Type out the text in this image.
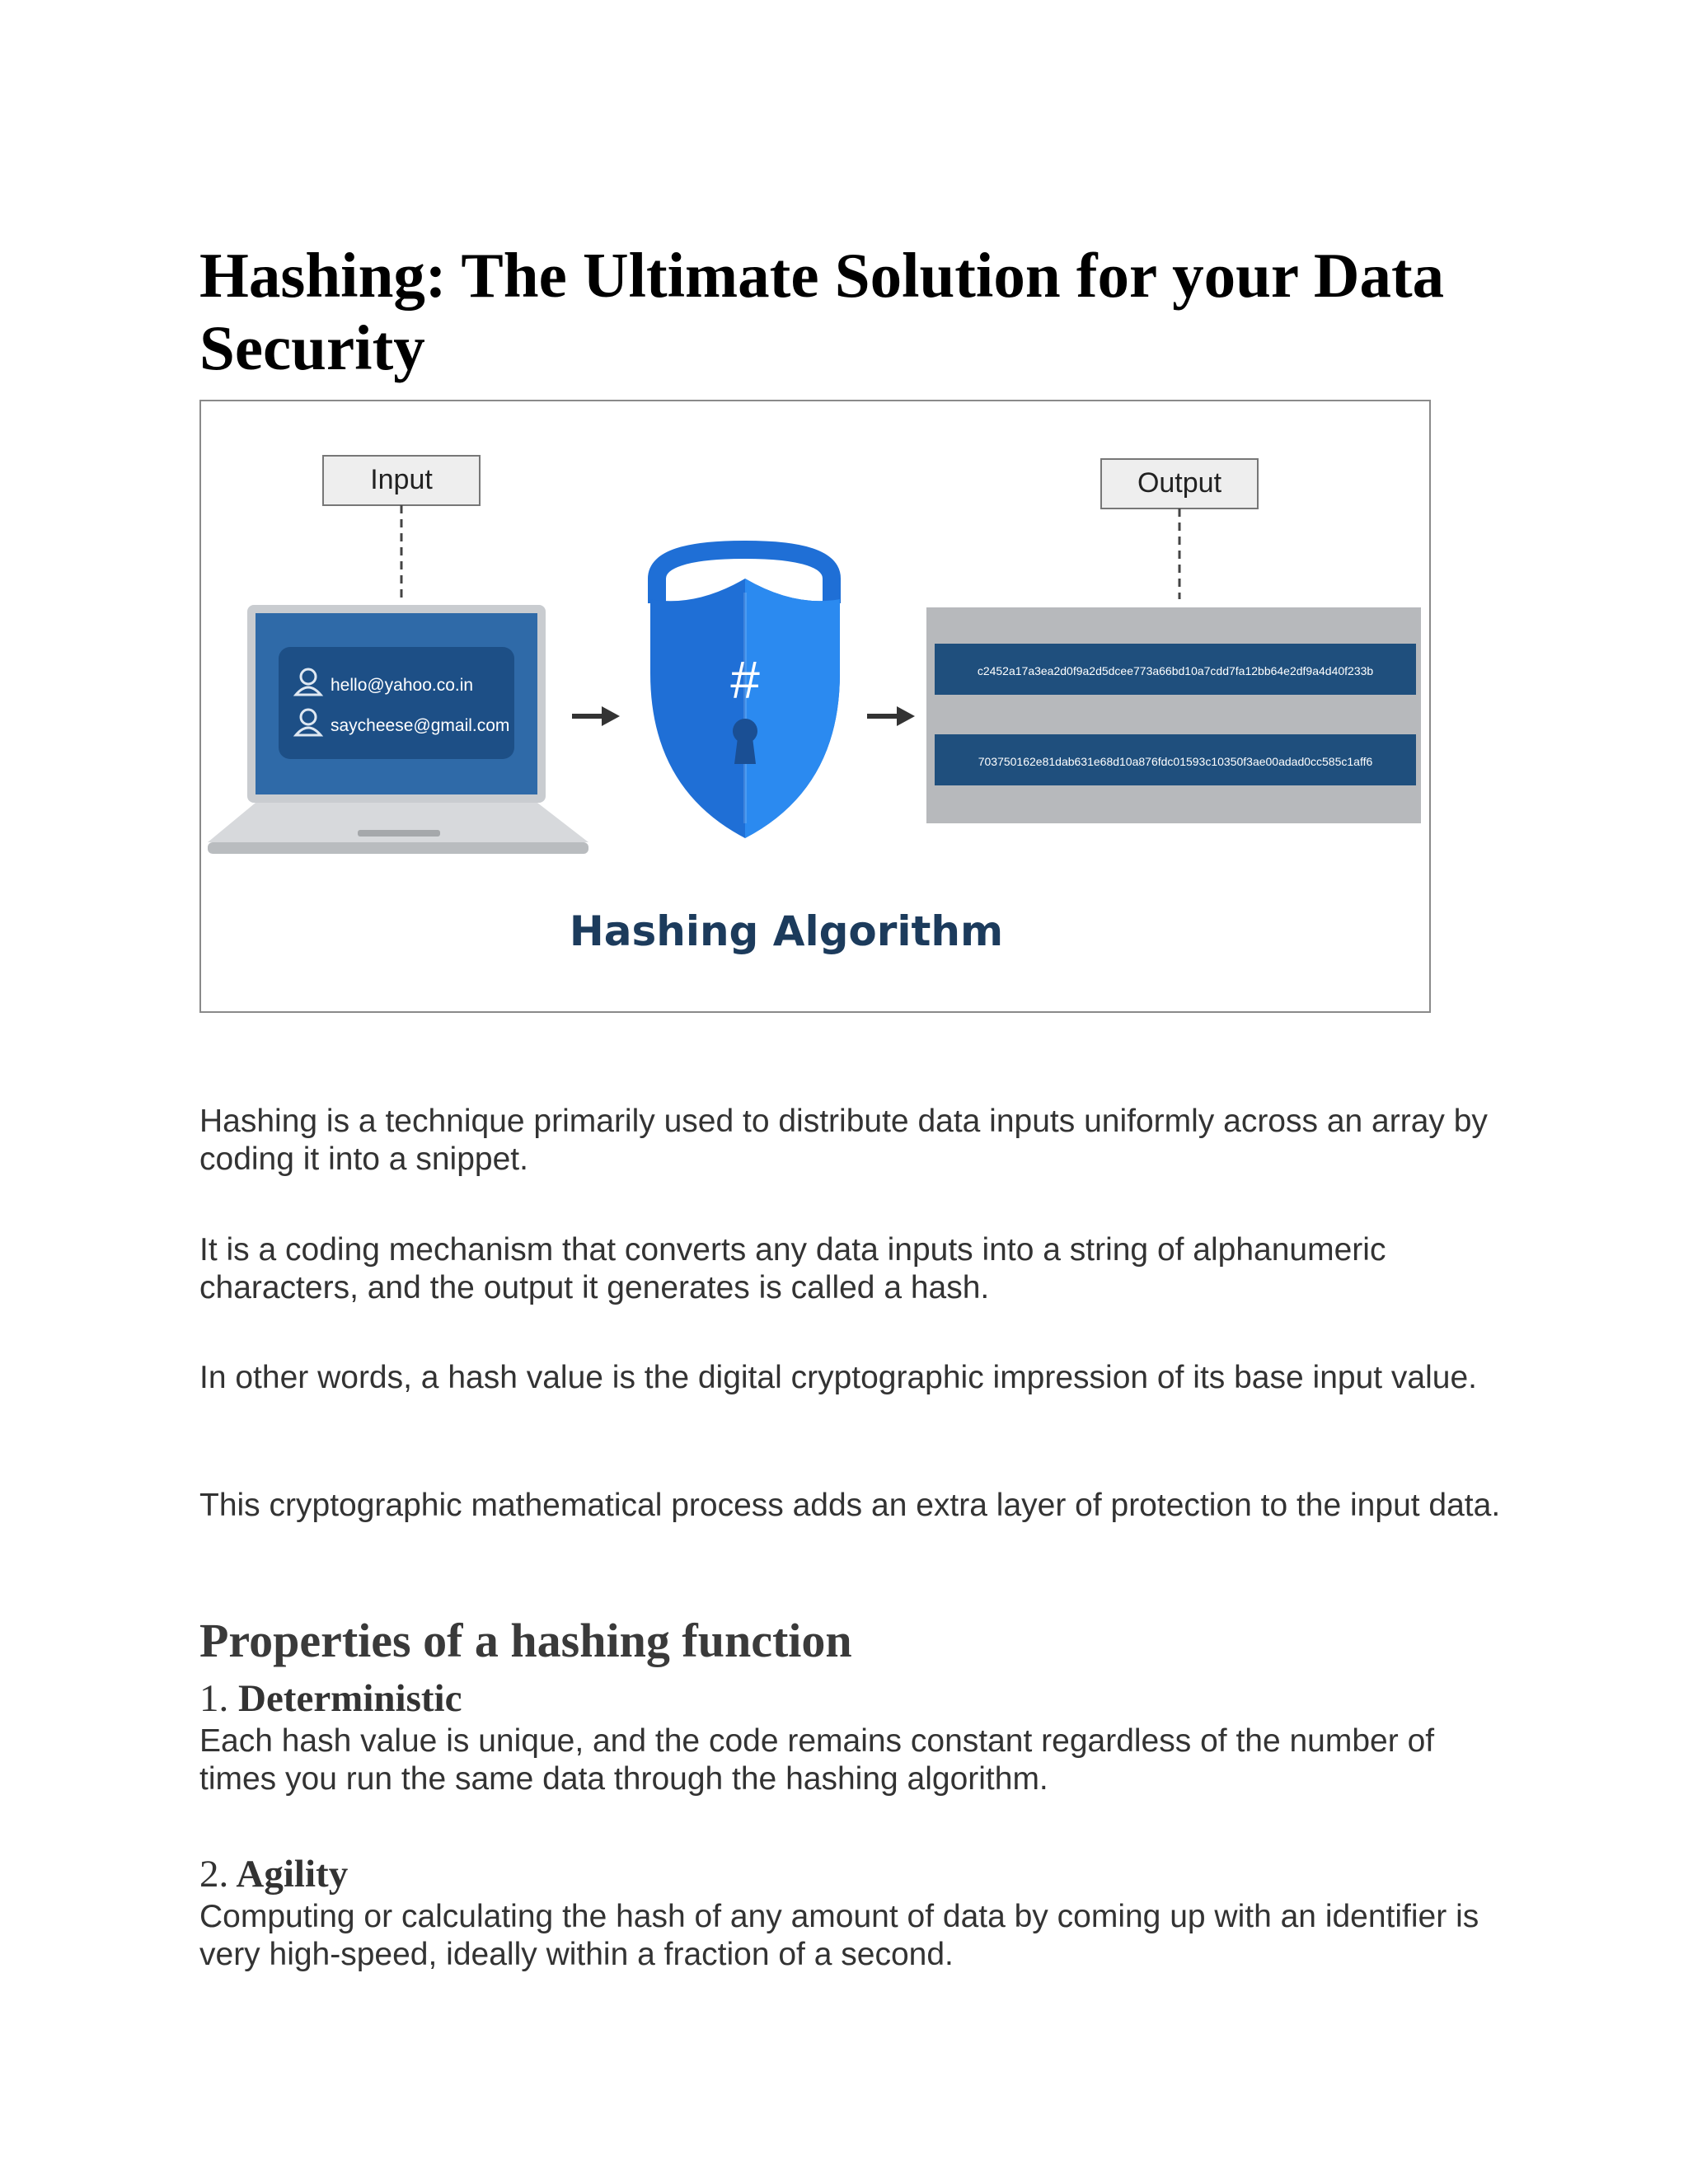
Hashing: The Ultimate Solution for your Data Security
Input	Output
hello@yahoo.co.in
saycheese@gmail.com
#	c2452a17a3ea2d0f9a2d5dcee773a66bd10a7cdd7fa12bb64e2df9a4d40f233b
703750162e81dab631e68d10a876fdc01593c10350f3ae00adad0cc585c1aff6
Hashing Algorithm

Hashing is a technique primarily used to distribute data inputs uniformly across an array by coding it into a snippet.

It is a coding mechanism that converts any data inputs into a string of alphanumeric characters, and the output it generates is called a hash.

In other words, a hash value is the digital cryptographic impression of its base input value.

This cryptographic mathematical process adds an extra layer of protection to the input data.

Properties of a hashing function
1. Deterministic

Each hash value is unique, and the code remains constant regardless of the number of times you run the same data through the hashing algorithm.

2. Agility

Computing or calculating the hash of any amount of data by coming up with an identifier is very high-speed, ideally within a fraction of a second.
